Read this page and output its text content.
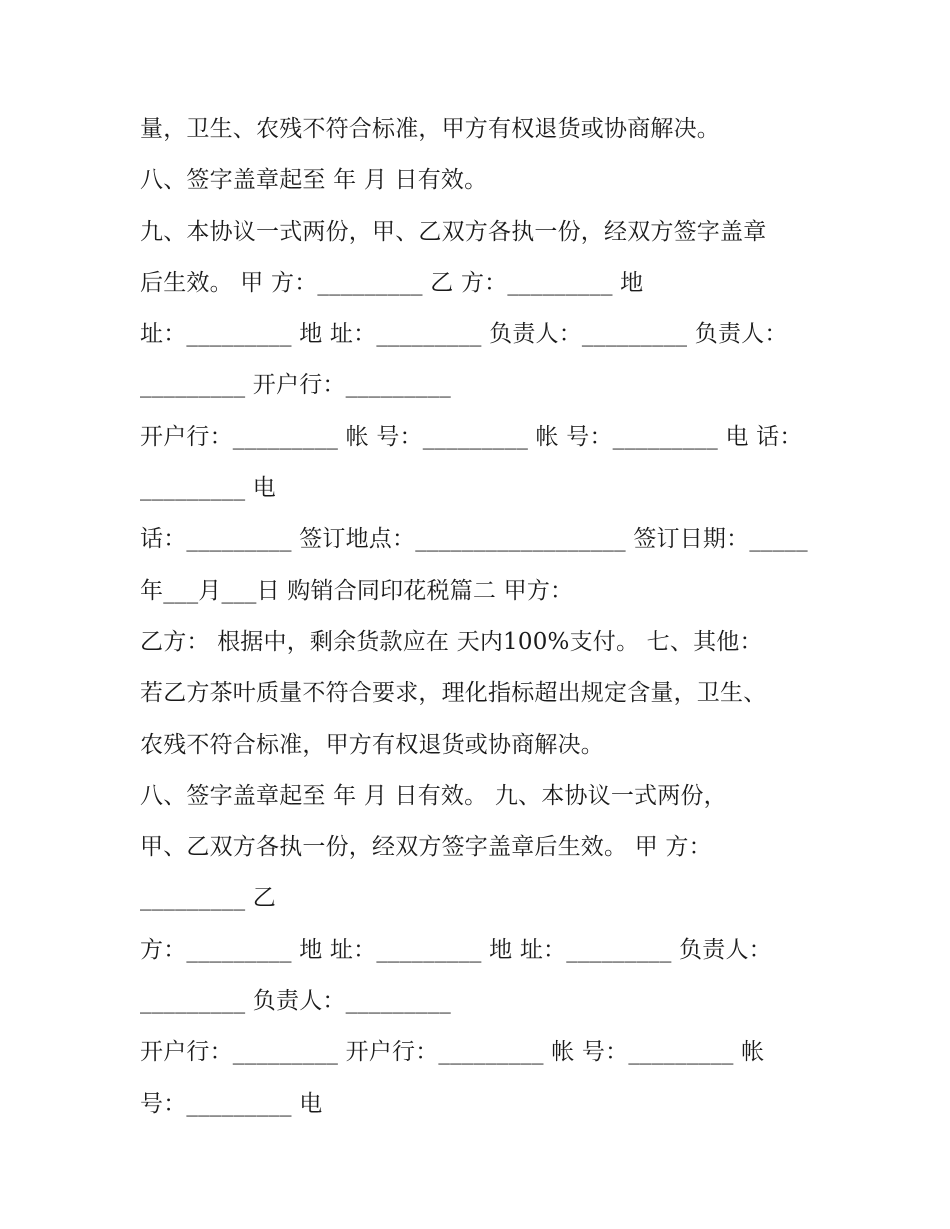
量，卫生、农残不符合标准，甲方有权退货或协商解决。
八、签字盖章起至 年 月 日有效。
九、本协议一式两份，甲、乙双方各执一份，经双方签字盖章
后生效。 甲 方：_________ 乙 方：_________ 地
址：_________ 地 址：_________ 负责人：_________ 负责人：
_________ 开户行：_________
开户行：_________ 帐 号：_________ 帐 号：_________ 电 话：
_________ 电
话：_________ 签订地点：__________________ 签订日期：_____
年___月___日 购销合同印花税篇二 甲方：
乙方： 根据中，剩余货款应在 天内100%支付。 七、其他：
若乙方茶叶质量不符合要求，理化指标超出规定含量，卫生、
农残不符合标准，甲方有权退货或协商解决。
八、签字盖章起至 年 月 日有效。 九、本协议一式两份，
甲、乙双方各执一份，经双方签字盖章后生效。 甲 方：
_________ 乙
方：_________ 地 址：_________ 地 址：_________ 负责人：
_________ 负责人：_________
开户行：_________ 开户行：_________ 帐 号：_________ 帐
号：_________ 电
